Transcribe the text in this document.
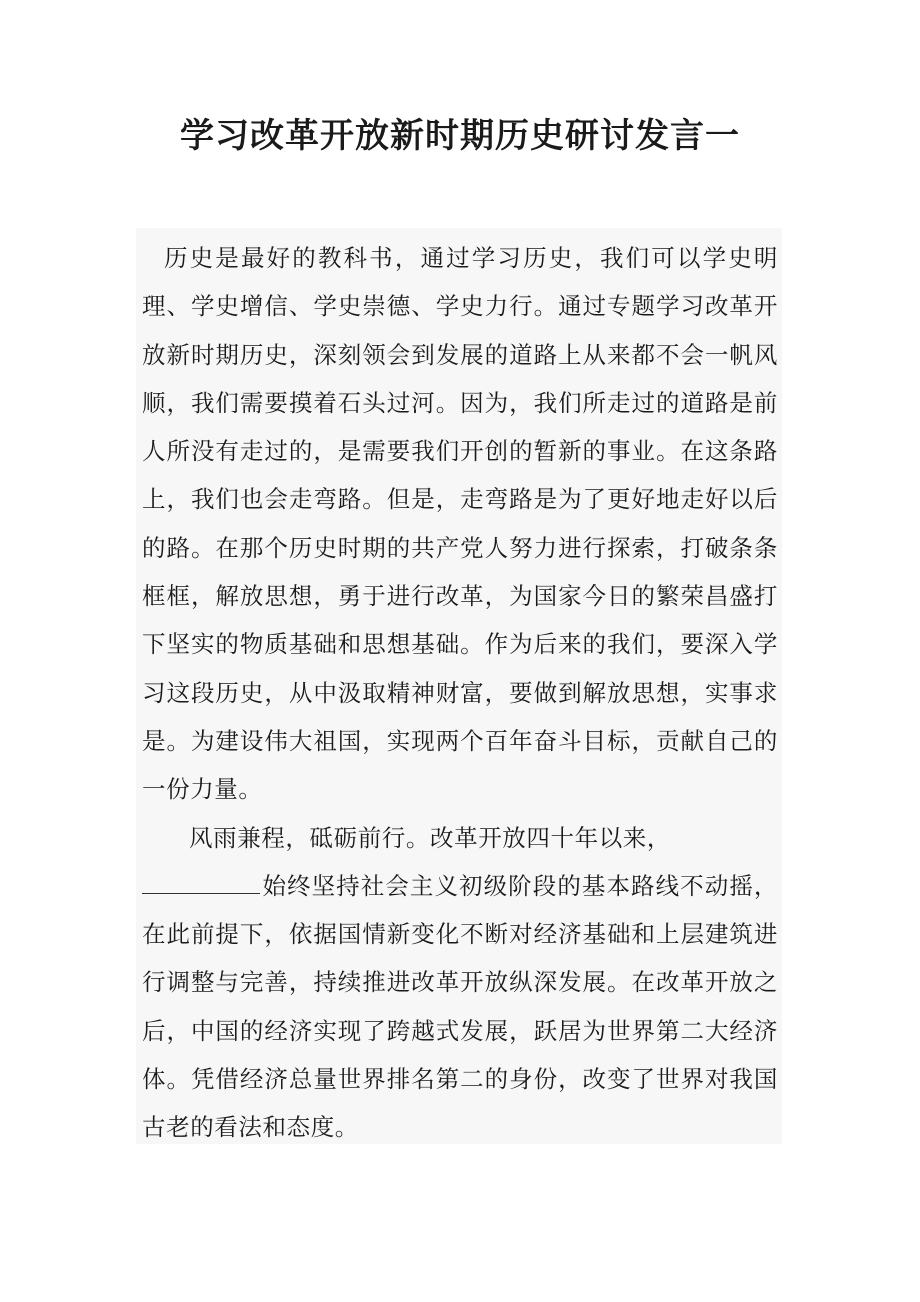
学习改革开放新时期历史研讨发言一

历史是最好的教科书，通过学习历史，我们可以学史明理、学史增信、学史崇德、学史力行。通过专题学习改革开放新时期历史，深刻领会到发展的道路上从来都不会一帆风顺，我们需要摸着石头过河。因为，我们所走过的道路是前人所没有走过的，是需要我们开创的暂新的事业。在这条路上，我们也会走弯路。但是，走弯路是为了更好地走好以后的路。在那个历史时期的共产党人努力进行探索，打破条条框框，解放思想，勇于进行改革，为国家今日的繁荣昌盛打下坚实的物质基础和思想基础。作为后来的我们，要深入学习这段历史，从中汲取精神财富，要做到解放思想，实事求是。为建设伟大祖国，实现两个百年奋斗目标，贡献自己的一份力量。

风雨兼程，砥砺前行。改革开放四十年以来，
始终坚持社会主义初级阶段的基本路线不动摇，在此前提下，依据国情新变化不断对经济基础和上层建筑进行调整与完善，持续推进改革开放纵深发展。在改革开放之后，中国的经济实现了跨越式发展，跃居为世界第二大经济体。凭借经济总量世界排名第二的身份，改变了世界对我国古老的看法和态度。
